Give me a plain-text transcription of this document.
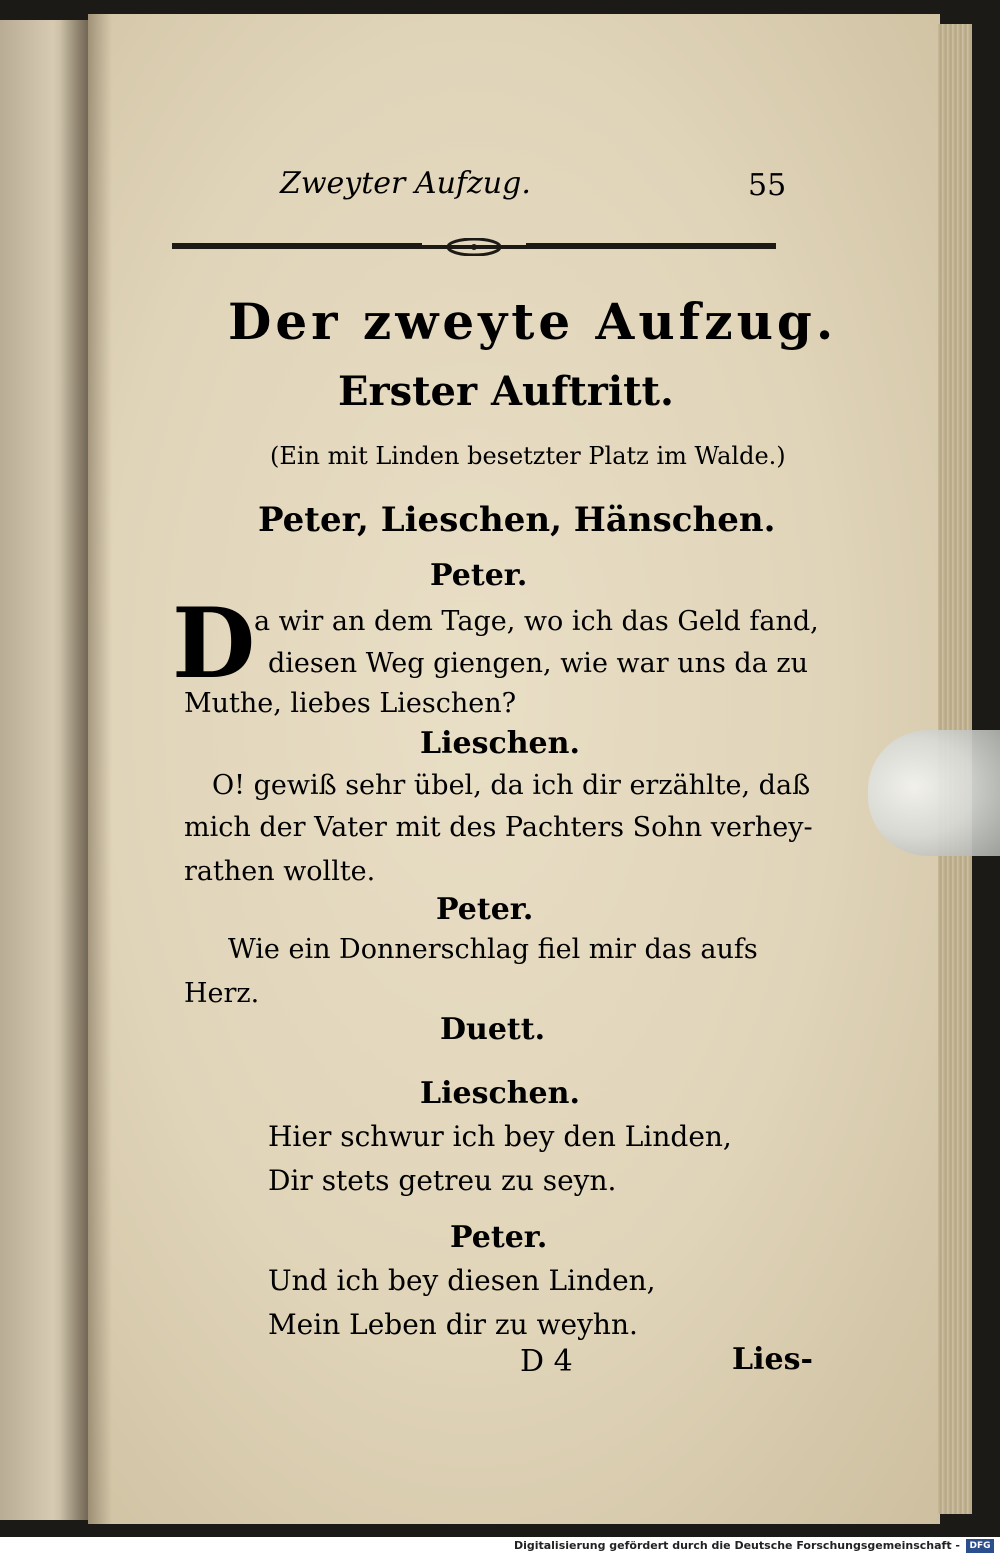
Zweyter Aufzug.	55
Der zweyte Aufzug.
Erster Auftritt.
(Ein mit Linden besetzter Platz im Walde.)
Peter, Lieschen, Hänschen.
Peter.
D
a wir an dem Tage, wo ich das Geld fand,
diesen Weg giengen, wie war uns da zu
Muthe, liebes Lieschen?
Lieschen.
O! gewiß sehr übel, da ich dir erzählte, daß
mich der Vater mit des Pachters Sohn verhey-
rathen wollte.
Peter.
Wie ein Donnerschlag fiel mir das aufs
Herz.
Duett.
Lieschen.
Hier schwur ich bey den Linden,
Dir stets getreu zu seyn.
Peter.
Und ich bey diesen Linden,
Mein Leben dir zu weyhn.
D 4	Lies-
Digitalisierung gefördert durch die Deutsche Forschungsgemeinschaft -	DFG
